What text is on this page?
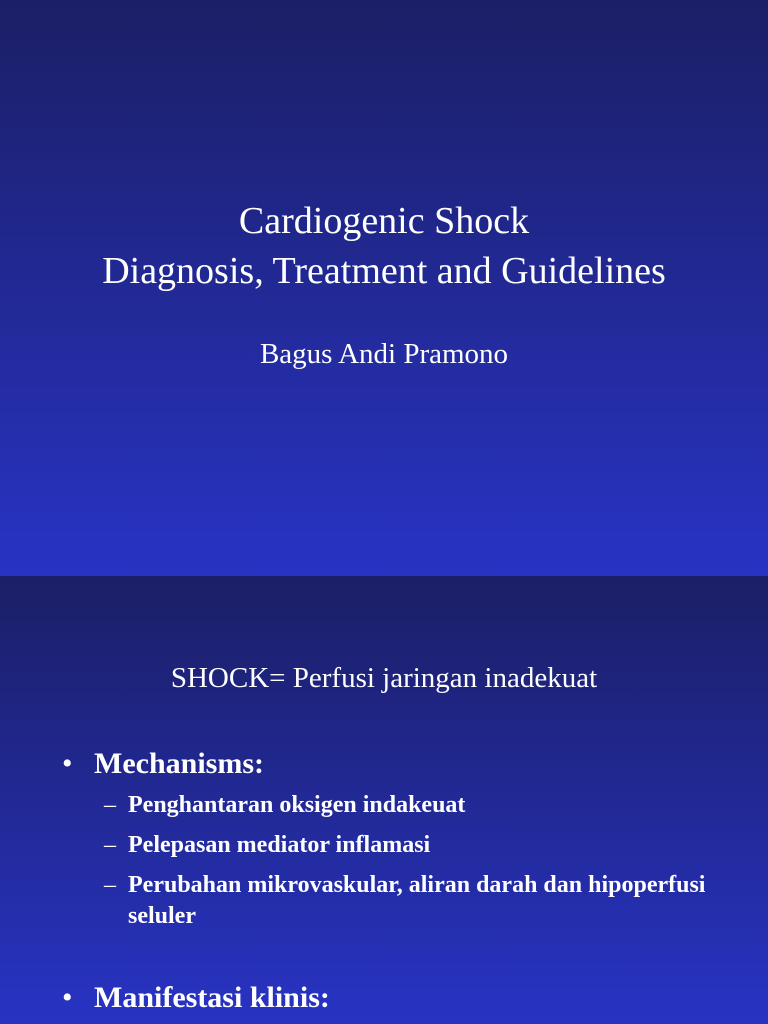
Cardiogenic Shock
Diagnosis, Treatment and Guidelines
Bagus Andi Pramono
SHOCK= Perfusi jaringan inadekuat
• Mechanisms:
– Penghantaran oksigen indakeuat
– Pelepasan mediator inflamasi
– Perubahan mikrovaskular, aliran darah dan hipoperfusi seluler
• Manifestasi klinis:
